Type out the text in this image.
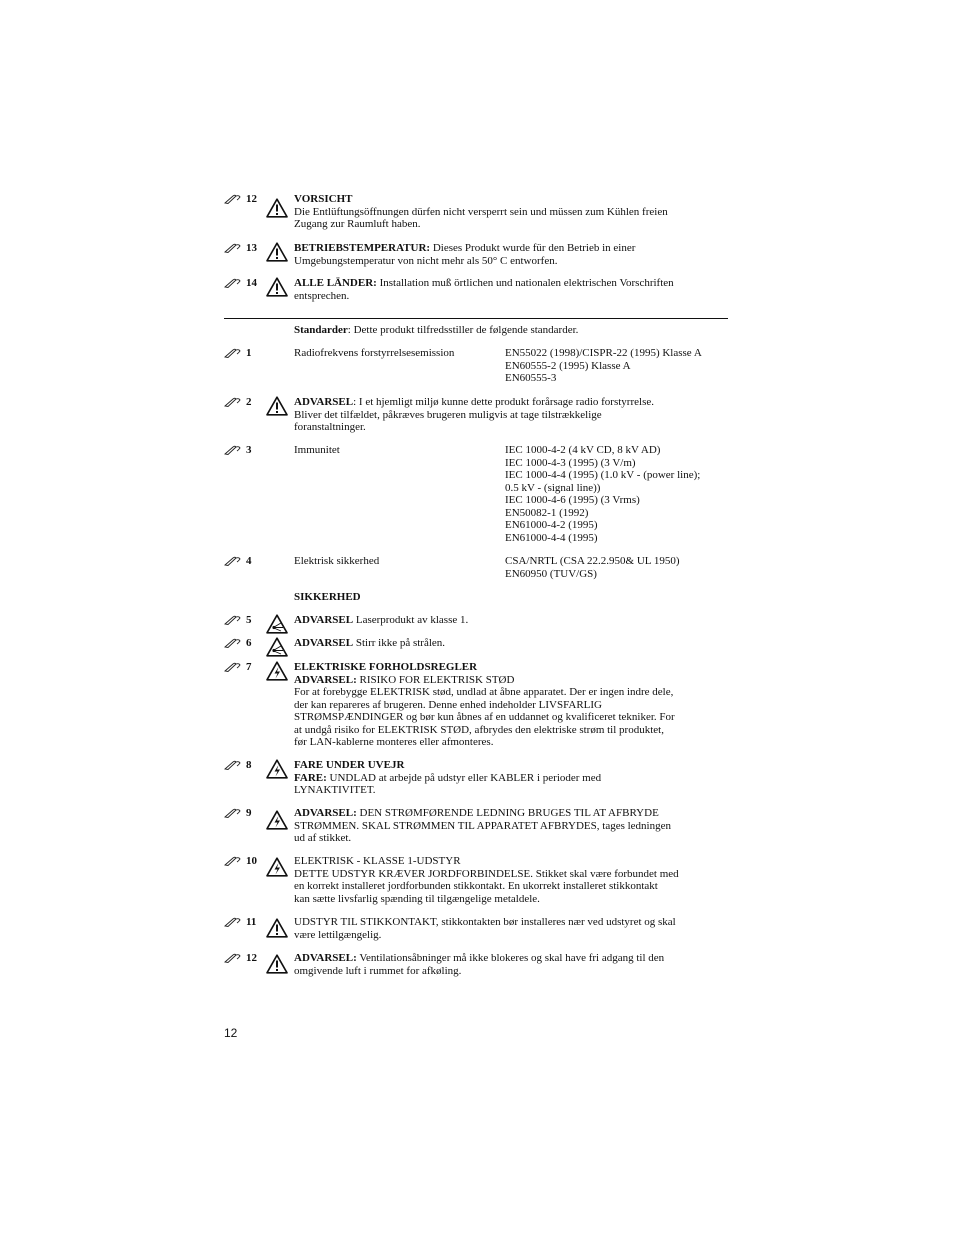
12	VORSICHT
Die Entlüftungsöffnungen dürfen nicht versperrt sein und müssen zum Kühlen freien
Zugang zur Raumluft haben.
13	BETRIEBSTEMPERATUR: Dieses Produkt wurde für den Betrieb in einer
Umgebungstemperatur von nicht mehr als 50° C entworfen.
14	ALLE LÄNDER: Installation muß örtlichen und nationalen elektrischen Vorschriften
entsprechen.
Standarder: Dette produkt tilfredsstiller de følgende standarder.
1	Radiofrekvens forstyrrelsesemission	EN55022 (1998)/CISPR-22 (1995) Klasse A
EN60555-2 (1995) Klasse A
EN60555-3
2	ADVARSEL: I et hjemligt miljø kunne dette produkt forårsage radio forstyrrelse.
Bliver det tilfældet, påkræves brugeren muligvis at tage tilstrækkelige
foranstaltninger.
3	Immunitet	IEC 1000-4-2 (4 kV CD, 8 kV AD)
IEC 1000-4-3 (1995) (3 V/m)
IEC 1000-4-4 (1995) (1.0 kV - (power line);
0.5 kV - (signal line))
IEC 1000-4-6 (1995) (3 Vrms)
EN50082-1 (1992)
EN61000-4-2 (1995)
EN61000-4-4 (1995)
4	Elektrisk sikkerhed	CSA/NRTL (CSA 22.2.950& UL 1950)
EN60950 (TUV/GS)
SIKKERHED
5	ADVARSEL Laserprodukt av klasse 1.
6	ADVARSEL Stirr ikke på strålen.
7	ELEKTRISKE FORHOLDSREGLER
ADVARSEL: RISIKO FOR ELEKTRISK STØD
For at forebygge ELEKTRISK stød, undlad at åbne apparatet. Der er ingen indre dele,
der kan repareres af brugeren. Denne enhed indeholder LIVSFARLIG
STRØMSPÆNDINGER og bør kun åbnes af en uddannet og kvalificeret tekniker. For
at undgå risiko for ELEKTRISK STØD, afbrydes den elektriske strøm til produktet,
før LAN-kablerne monteres eller afmonteres.
8	FARE UNDER UVEJR
FARE: UNDLAD at arbejde på udstyr eller KABLER i perioder med
LYNAKTIVITET.
9	ADVARSEL: DEN STRØMFØRENDE LEDNING BRUGES TIL AT AFBRYDE
STRØMMEN. SKAL STRØMMEN TIL APPARATET AFBRYDES, tages ledningen
ud af stikket.
10	ELEKTRISK - KLASSE 1-UDSTYR
DETTE UDSTYR KRÆVER JORDFORBINDELSE. Stikket skal være forbundet med
en korrekt installeret jordforbunden stikkontakt. En ukorrekt installeret stikkontakt
kan sætte livsfarlig spænding til tilgængelige metaldele.
11	UDSTYR TIL STIKKONTAKT, stikkontakten bør installeres nær ved udstyret og skal
være lettilgængelig.
12	ADVARSEL: Ventilationsåbninger må ikke blokeres og skal have fri adgang til den
omgivende luft i rummet for afkøling.
12
